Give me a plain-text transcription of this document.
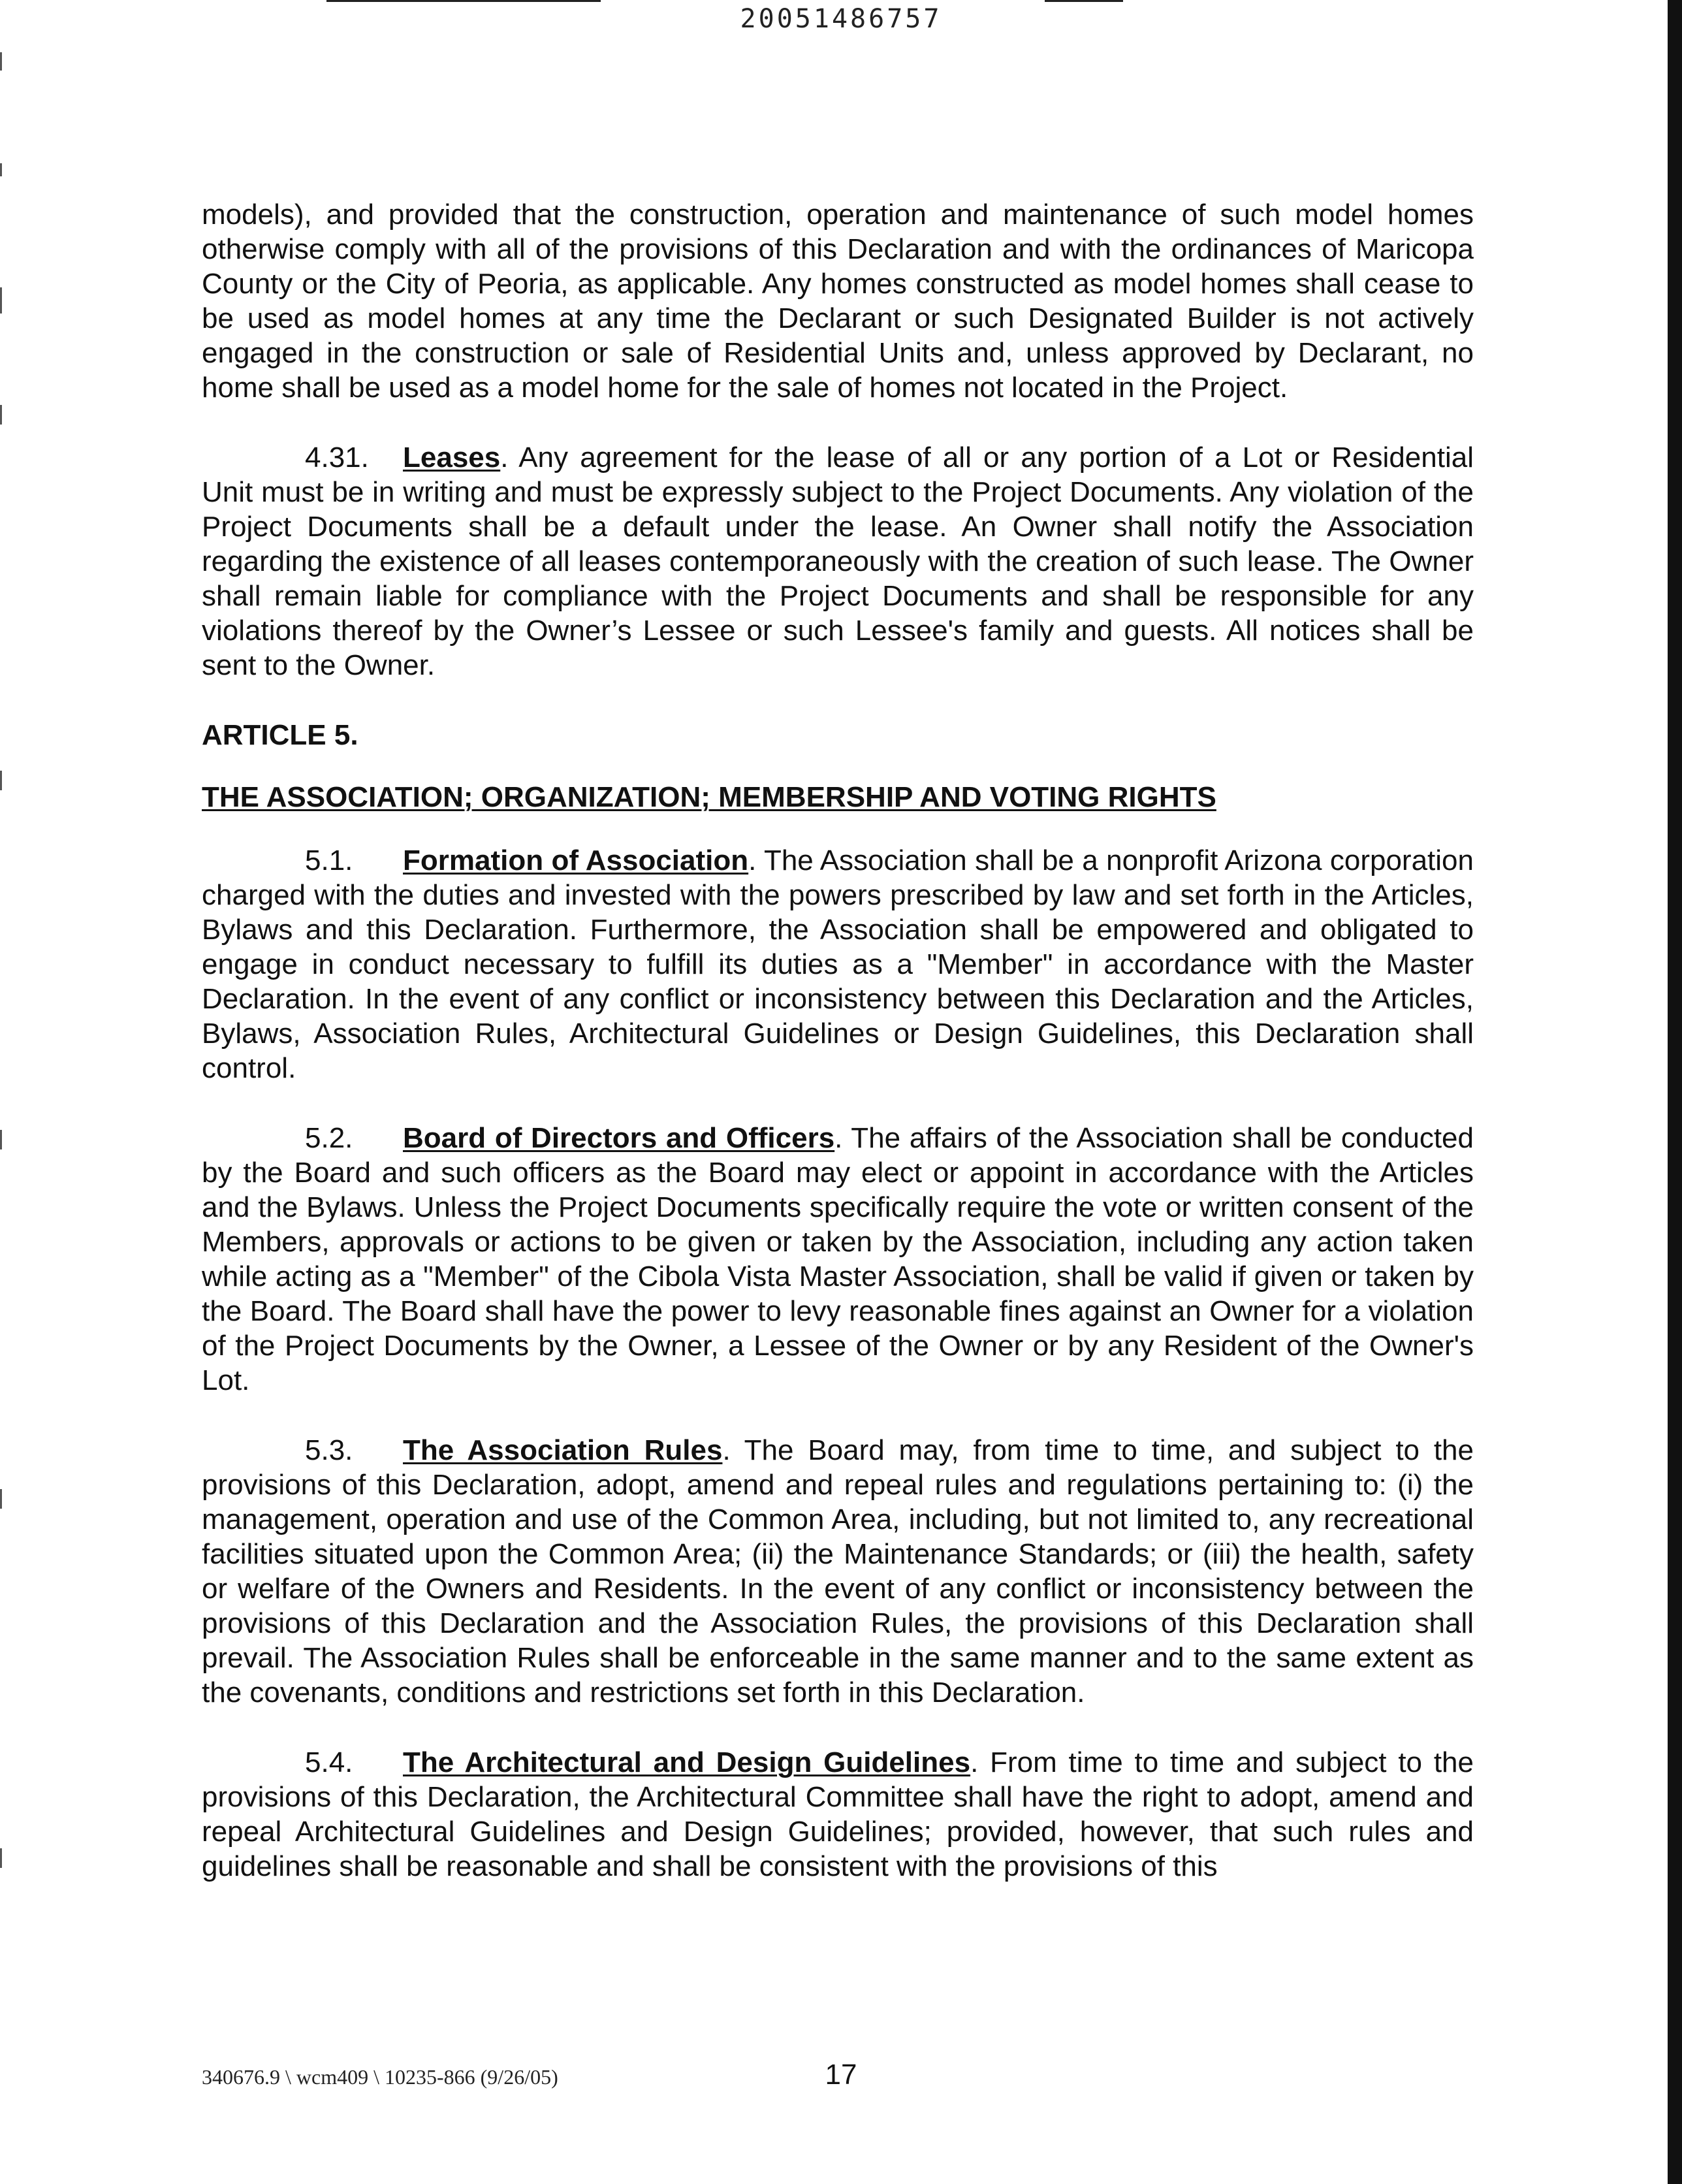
20051486757

models), and provided that the construction, operation and maintenance of such model homes otherwise comply with all of the provisions of this Declaration and with the ordinances of Maricopa County or the City of Peoria, as applicable. Any homes constructed as model homes shall cease to be used as model homes at any time the Declarant or such Designated Builder is not actively engaged in the construction or sale of Residential Units and, unless approved by Declarant, no home shall be used as a model home for the sale of homes not located in the Project.

4.31. Leases. Any agreement for the lease of all or any portion of a Lot or Residential Unit must be in writing and must be expressly subject to the Project Documents. Any violation of the Project Documents shall be a default under the lease. An Owner shall notify the Association regarding the existence of all leases contemporaneously with the creation of such lease. The Owner shall remain liable for compliance with the Project Documents and shall be responsible for any violations thereof by the Owner’s Lessee or such Lessee's family and guests. All notices shall be sent to the Owner.

ARTICLE 5.

THE ASSOCIATION; ORGANIZATION; MEMBERSHIP AND VOTING RIGHTS

5.1. Formation of Association. The Association shall be a nonprofit Arizona corporation charged with the duties and invested with the powers prescribed by law and set forth in the Articles, Bylaws and this Declaration. Furthermore, the Association shall be empowered and obligated to engage in conduct necessary to fulfill its duties as a "Member" in accordance with the Master Declaration. In the event of any conflict or inconsistency between this Declaration and the Articles, Bylaws, Association Rules, Architectural Guidelines or Design Guidelines, this Declaration shall control.

5.2. Board of Directors and Officers. The affairs of the Association shall be conducted by the Board and such officers as the Board may elect or appoint in accordance with the Articles and the Bylaws. Unless the Project Documents specifically require the vote or written consent of the Members, approvals or actions to be given or taken by the Association, including any action taken while acting as a "Member" of the Cibola Vista Master Association, shall be valid if given or taken by the Board. The Board shall have the power to levy reasonable fines against an Owner for a violation of the Project Documents by the Owner, a Lessee of the Owner or by any Resident of the Owner's Lot.

5.3. The Association Rules. The Board may, from time to time, and subject to the provisions of this Declaration, adopt, amend and repeal rules and regulations pertaining to: (i) the management, operation and use of the Common Area, including, but not limited to, any recreational facilities situated upon the Common Area; (ii) the Maintenance Standards; or (iii) the health, safety or welfare of the Owners and Residents. In the event of any conflict or inconsistency between the provisions of this Declaration and the Association Rules, the provisions of this Declaration shall prevail. The Association Rules shall be enforceable in the same manner and to the same extent as the covenants, conditions and restrictions set forth in this Declaration.

5.4. The Architectural and Design Guidelines. From time to time and subject to the provisions of this Declaration, the Architectural Committee shall have the right to adopt, amend and repeal Architectural Guidelines and Design Guidelines; provided, however, that such rules and guidelines shall be reasonable and shall be consistent with the provisions of this

340676.9 \ wcm409 \ 10235-866 (9/26/05)	17
